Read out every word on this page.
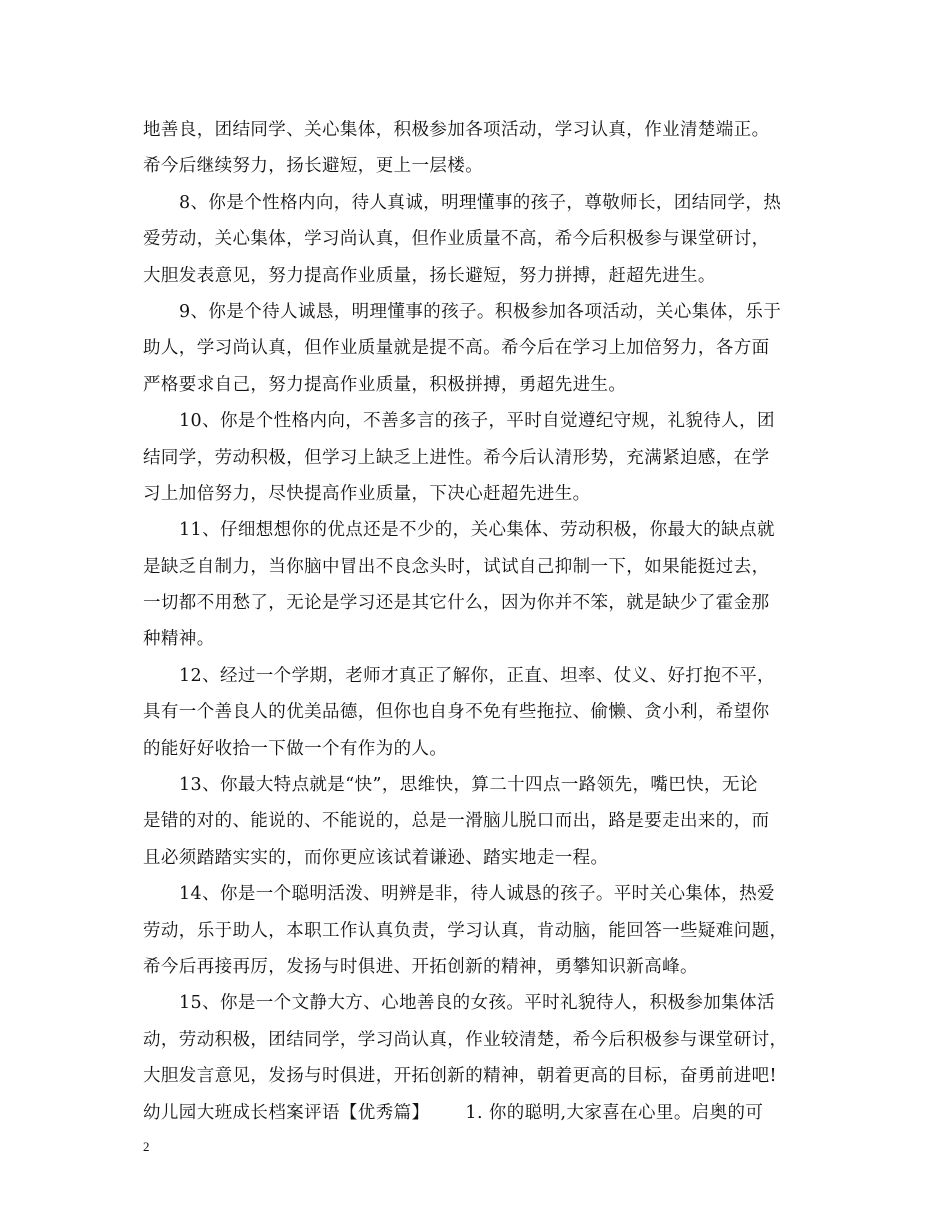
地善良，团结同学、关心集体，积极参加各项活动，学习认真，作业清楚端正。
希今后继续努力，扬长避短，更上一层楼。
8、你是个性格内向，待人真诚，明理懂事的孩子，尊敬师长，团结同学，热
爱劳动，关心集体，学习尚认真，但作业质量不高，希今后积极参与课堂研讨，
大胆发表意见，努力提高作业质量，扬长避短，努力拼搏，赶超先进生。
9、你是个待人诚恳，明理懂事的孩子。积极参加各项活动，关心集体，乐于
助人，学习尚认真，但作业质量就是提不高。希今后在学习上加倍努力，各方面
严格要求自己，努力提高作业质量，积极拼搏，勇超先进生。
10、你是个性格内向，不善多言的孩子，平时自觉遵纪守规，礼貌待人，团
结同学，劳动积极，但学习上缺乏上进性。希今后认清形势，充满紧迫感，在学
习上加倍努力，尽快提高作业质量，下决心赶超先进生。
11、仔细想想你的优点还是不少的，关心集体、劳动积极，你最大的缺点就
是缺乏自制力，当你脑中冒出不良念头时，试试自己抑制一下，如果能挺过去，
一切都不用愁了，无论是学习还是其它什么，因为你并不笨，就是缺少了霍金那
种精神。
12、经过一个学期，老师才真正了解你，正直、坦率、仗义、好打抱不平，
具有一个善良人的优美品德，但你也自身不免有些拖拉、偷懒、贪小利，希望你
的能好好收拾一下做一个有作为的人。
13、你最大特点就是“快”，思维快，算二十四点一路领先，嘴巴快，无论
是错的对的、能说的、不能说的，总是一滑脑儿脱口而出，路是要走出来的，而
且必须踏踏实实的，而你更应该试着谦逊、踏实地走一程。
14、你是一个聪明活泼、明辨是非，待人诚恳的孩子。平时关心集体，热爱
劳动，乐于助人，本职工作认真负责，学习认真，肯动脑，能回答一些疑难问题，
希今后再接再厉，发扬与时俱进、开拓创新的精神，勇攀知识新高峰。
15、你是一个文静大方、心地善良的女孩。平时礼貌待人，积极参加集体活
动，劳动积极，团结同学，学习尚认真，作业较清楚，希今后积极参与课堂研讨，
大胆发言意见，发扬与时俱进，开拓创新的精神，朝着更高的目标，奋勇前进吧!
幼儿园大班成长档案评语【优秀篇】 1. 你的聪明,大家喜在心里。启奥的可
2
